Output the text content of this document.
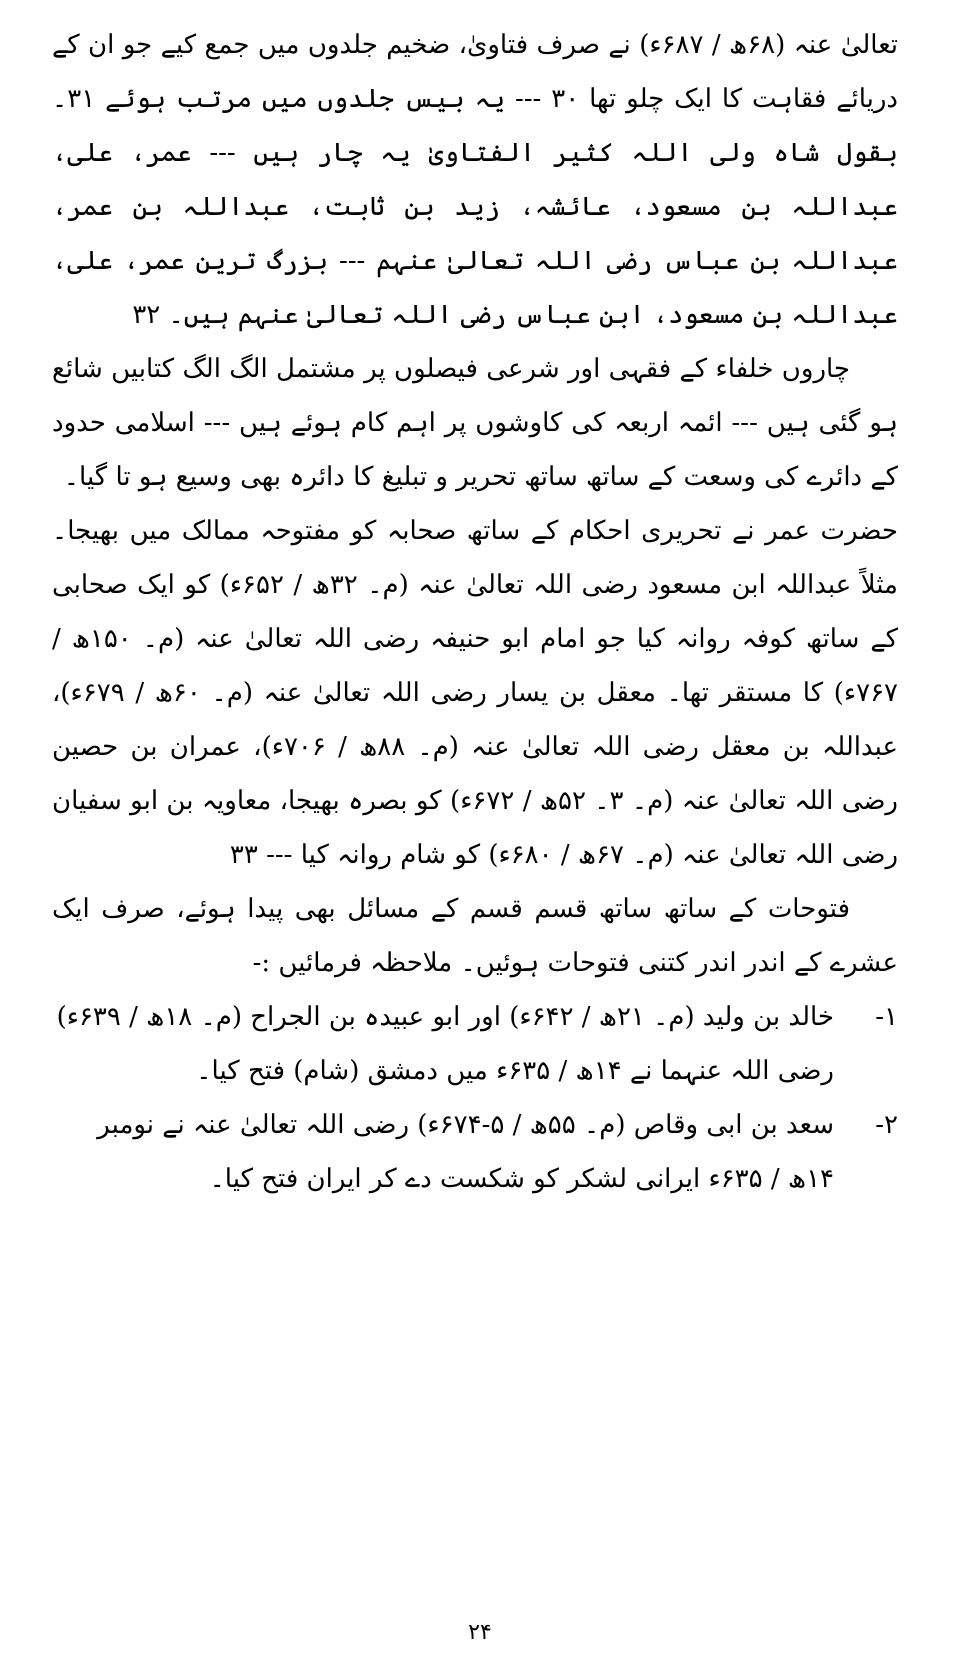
تعالیٰ عنہ (۶۸ھ / ۶۸۷ء) نے صرف فتاویٰ، ضخیم جلدوں میں جمع کیے جو ان کے دریائے فقاہت کا ایک چلو تھا ۳۰ --- یہ بیس جلدوں میں مرتب ہوئے ۳۱۔ بقول شاہ ولی اللہ کثیر الفتاویٰ یہ چار ہیں --- عمر، علی، عبداللہ بن مسعود، عائشہ، زید بن ثابت، عبداللہ بن عمر، عبداللہ بن عباس رضی اللہ تعالیٰ عنہم --- بزرگ ترین عمر، علی، عبداللہ بن مسعود، ابن عباس رضی اللہ تعالیٰ عنہم ہیں۔ ۳۲

چاروں خلفاء کے فقہی اور شرعی فیصلوں پر مشتمل الگ الگ کتابیں شائع ہو گئی ہیں --- ائمہ اربعہ کی کاوشوں پر اہم کام ہوئے ہیں --- اسلامی حدود کے دائرے کی وسعت کے ساتھ ساتھ تحریر و تبلیغ کا دائرہ بھی وسیع ہو تا گیا۔

حضرت عمر نے تحریری احکام کے ساتھ صحابہ کو مفتوحہ ممالک میں بھیجا۔ مثلاً عبداللہ ابن مسعود رضی اللہ تعالیٰ عنہ (م۔ ۳۲ھ / ۶۵۲ء) کو ایک صحابی کے ساتھ کوفہ روانہ کیا جو امام ابو حنیفہ رضی اللہ تعالیٰ عنہ (م۔ ۱۵۰ھ / ۷۶۷ء) کا مستقر تھا۔ معقل بن یسار رضی اللہ تعالیٰ عنہ (م۔ ۶۰ھ / ۶۷۹ء)، عبداللہ بن معقل رضی اللہ تعالیٰ عنہ (م۔ ۸۸ھ / ۷۰۶ء)، عمران بن حصین رضی اللہ تعالیٰ عنہ (م۔ ۳۔ ۵۲ھ / ۶۷۲ء) کو بصرہ بھیجا، معاویہ بن ابو سفیان رضی اللہ تعالیٰ عنہ (م۔ ۶۷ھ / ۶۸۰ء) کو شام روانہ کیا --- ۳۳

فتوحات کے ساتھ ساتھ قسم قسم کے مسائل بھی پیدا ہوئے، صرف ایک عشرے کے اندر اندر کتنی فتوحات ہوئیں۔ ملاحظہ فرمائیں :-

۱-
خالد بن ولید (م۔ ۲۱ھ / ۶۴۲ء) اور ابو عبیدہ بن الجراح (م۔ ۱۸ھ / ۶۳۹ء) رضی اللہ عنہما نے ۱۴ھ / ۶۳۵ء میں دمشق (شام) فتح کیا۔
۲-
سعد بن ابی وقاص (م۔ ۵۵ھ / ۵-۶۷۴ء) رضی اللہ تعالیٰ عنہ نے نومبر ۱۴ھ / ۶۳۵ء ایرانی لشکر کو شکست دے کر ایران فتح کیا۔
۲۴
